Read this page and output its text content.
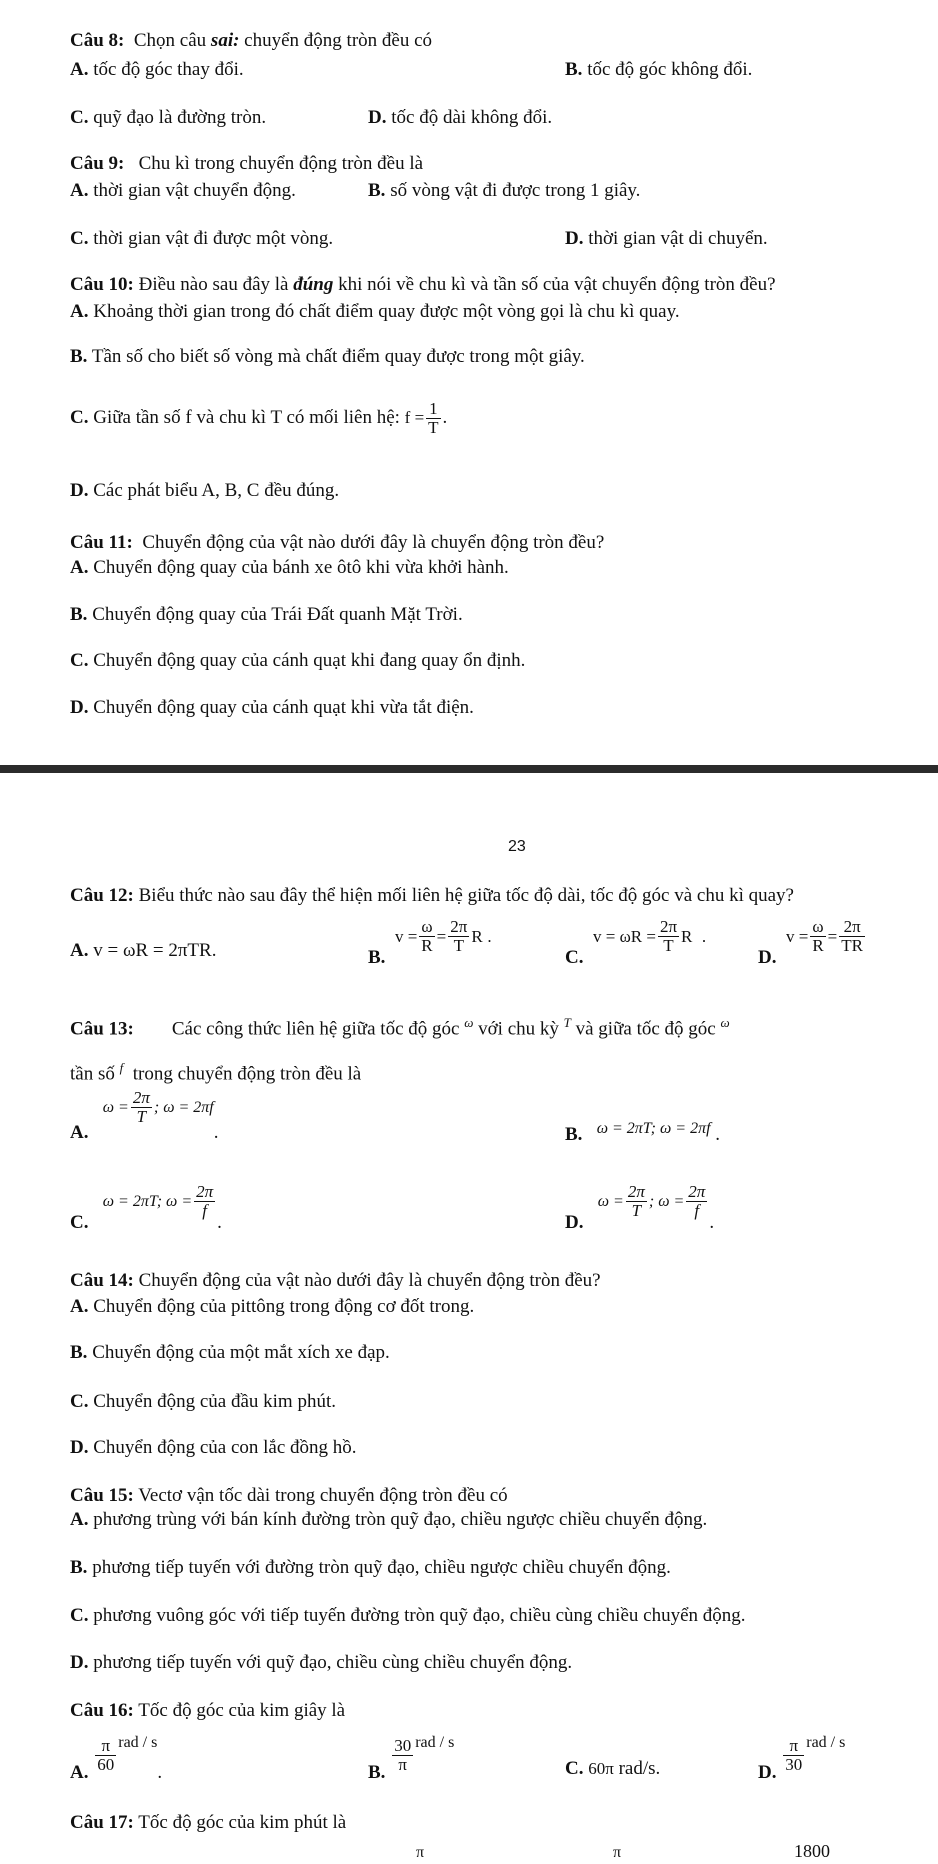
Câu 8: Chọn câu sai: chuyển động tròn đều có
A. tốc độ góc thay đổi.	B. tốc độ góc không đổi.
C. quỹ đạo là đường tròn.	D. tốc độ dài không đổi.
Câu 9: Chu kì trong chuyển động tròn đều là
A. thời gian vật chuyển động.	B. số vòng vật đi được trong 1 giây.
C. thời gian vật đi được một vòng.	D. thời gian vật di chuyển.
Câu 10: Điều nào sau đây là đúng khi nói về chu kì và tần số của vật chuyển động tròn đều?
A. Khoảng thời gian trong đó chất điểm quay được một vòng gọi là chu kì quay.
B. Tần số cho biết số vòng mà chất điểm quay được trong một giây.
C.
Giữa tần số f và chu kì T có mối liên hệ:
$f = \frac{1}{T}$ .
D. Các phát biểu A, B, C đều đúng.
Câu 11: Chuyển động của vật nào dưới đây là chuyển động tròn đều?
A. Chuyển động quay của bánh xe ôtô khi vừa khởi hành.
B. Chuyển động quay của Trái Đất quanh Mặt Trời.
C. Chuyển động quay của cánh quạt khi đang quay ổn định.
D. Chuyển động quay của cánh quạt khi vừa tắt điện.
23
Câu 12: Biểu thức nào sau đây thể hiện mối liên hệ giữa tốc độ dài, tốc độ góc và chu kì quay?
A. v = ωR = 2πTR.	B.

$v = \frac{\omega}{R} = \frac{2\pi}{T}$ R
.
C.

$v = \omega R = \frac{2\pi}{T}$ R
.
D.

$v = \frac{\omega}{R} = \frac{2\pi}{TR}$
Câu 13: Các công thức liên hệ giữa tốc độ góc $^\omega$ với chu kỳ $^T$ và giữa tốc độ góc $^\omega$
tần số $^f$ trong chuyển động tròn đều là
A.

$\omega = \frac{2\pi}{T}$ ; ω = 2πf
.	B.
ω = 2πT; ω = 2πf
.
C.

ω = 2πT; $\omega = \frac{2\pi}{f}$
.	D.

$\omega = \frac{2\pi}{T}$ ; $\omega = \frac{2\pi}{f}$
.
Câu 14: Chuyển động của vật nào dưới đây là chuyển động tròn đều?
A. Chuyển động của pittông trong động cơ đốt trong.
B. Chuyển động của một mắt xích xe đạp.
C. Chuyển động của đầu kim phút.
D. Chuyển động của con lắc đồng hồ.
Câu 15: Vectơ vận tốc dài trong chuyển động tròn đều có
A. phương trùng với bán kính đường tròn quỹ đạo, chiều ngược chiều chuyển động.
B. phương tiếp tuyến với đường tròn quỹ đạo, chiều ngược chiều chuyển động.
C. phương vuông góc với tiếp tuyến đường tròn quỹ đạo, chiều cùng chiều chuyển động.
D. phương tiếp tuyến với quỹ đạo, chiều cùng chiều chuyển động.
Câu 16: Tốc độ góc của kim giây là
A.
$\frac{\pi}{60}$ rad / s
.	B.
$\frac{30}{\pi}$ rad / s
C. 60π rad/s.	D.
$\frac{\pi}{30}$ rad / s
Câu 17: Tốc độ góc của kim phút là
π	π	1800
